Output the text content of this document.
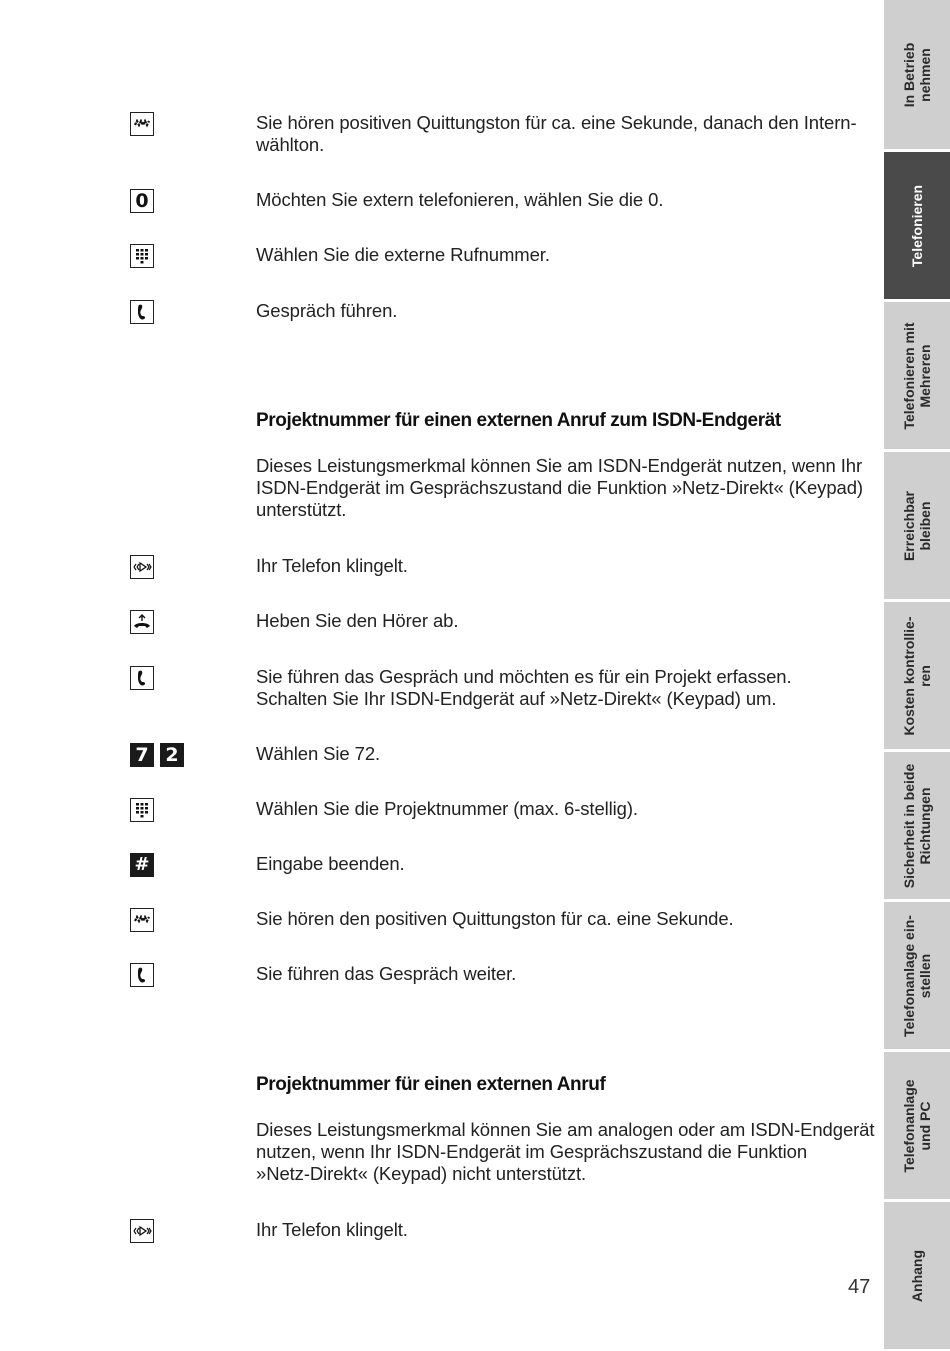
Sie hören positiven Quittungston für ca. eine Sekunde, danach den Intern-
wählton.
0	Möchten Sie extern telefonieren, wählen Sie die 0.
Wählen Sie die externe Rufnummer.
Gespräch führen.
Projektnummer für einen externen Anruf zum ISDN-Endgerät
Dieses Leistungsmerkmal können Sie am ISDN-Endgerät nutzen, wenn Ihr
ISDN-Endgerät im Gesprächszustand die Funktion »Netz-Direkt« (Keypad)
unterstützt.
Ihr Telefon klingelt.
Heben Sie den Hörer ab.
Sie führen das Gespräch und möchten es für ein Projekt erfassen.
Schalten Sie Ihr ISDN-Endgerät auf »Netz-Direkt« (Keypad) um.
7 2	Wählen Sie 72.
Wählen Sie die Projektnummer (max. 6-stellig).
#	Eingabe beenden.
Sie hören den positiven Quittungston für ca. eine Sekunde.
Sie führen das Gespräch weiter.
Projektnummer für einen externen Anruf
Dieses Leistungsmerkmal können Sie am analogen oder am ISDN-Endgerät
nutzen, wenn Ihr ISDN-Endgerät im Gesprächszustand die Funktion
»Netz-Direkt« (Keypad) nicht unterstützt.
Ihr Telefon klingelt.
47
In Betrieb
nehmen
Telefonieren
Telefonieren mit
Mehreren
Erreichbar
bleiben
Kosten kontrollie-
ren
Sicherheit in beide
Richtungen
Telefonanlage ein-
stellen
Telefonanlage
und PC
Anhang
